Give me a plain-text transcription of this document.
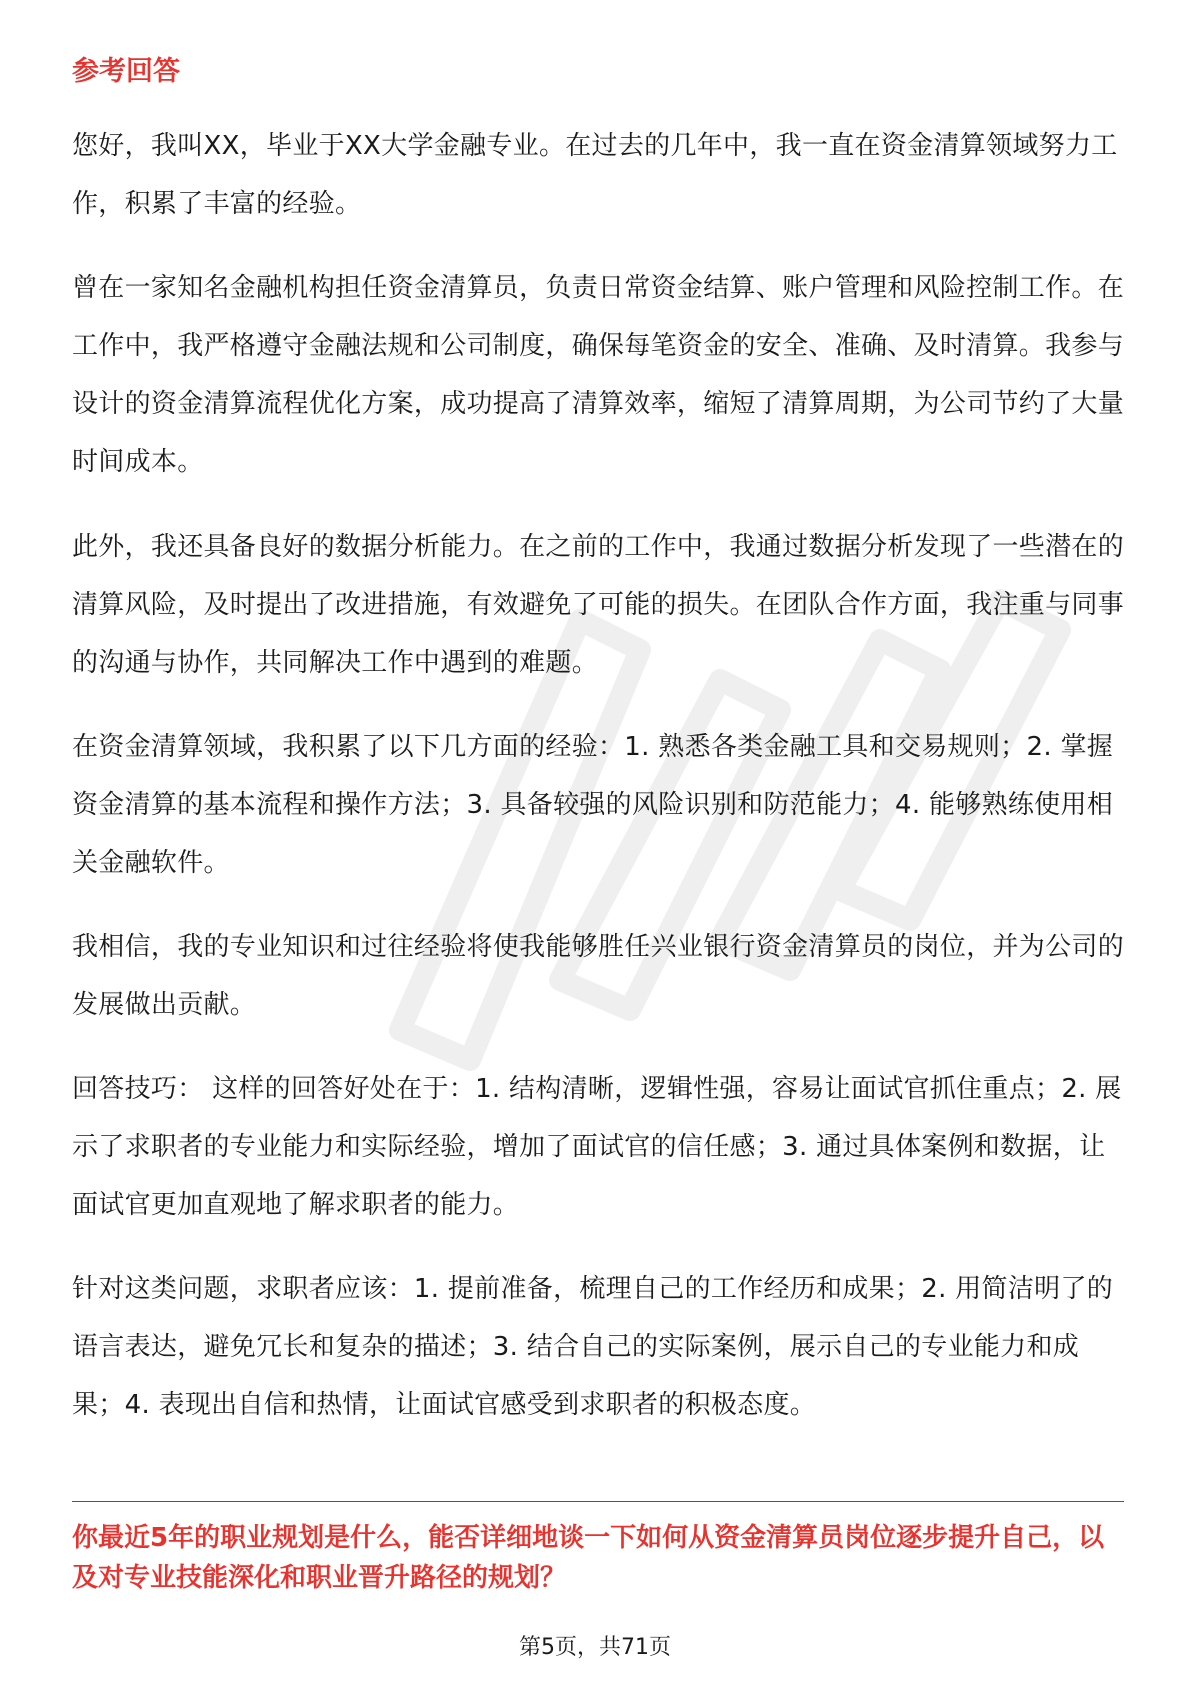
参考回答

您好，我叫XX，毕业于XX大学金融专业。在过去的几年中，我一直在资金清算领域努力工作，积累了丰富的经验。

曾在一家知名金融机构担任资金清算员，负责日常资金结算、账户管理和风险控制工作。在工作中，我严格遵守金融法规和公司制度，确保每笔资金的安全、准确、及时清算。我参与设计的资金清算流程优化方案，成功提高了清算效率，缩短了清算周期，为公司节约了大量时间成本。

此外，我还具备良好的数据分析能力。在之前的工作中，我通过数据分析发现了一些潜在的清算风险，及时提出了改进措施，有效避免了可能的损失。在团队合作方面，我注重与同事的沟通与协作，共同解决工作中遇到的难题。

在资金清算领域，我积累了以下几方面的经验：1. 熟悉各类金融工具和交易规则；2. 掌握资金清算的基本流程和操作方法；3. 具备较强的风险识别和防范能力；4. 能够熟练使用相关金融软件。

我相信，我的专业知识和过往经验将使我能够胜任兴业银行资金清算员的岗位，并为公司的发展做出贡献。

回答技巧： 这样的回答好处在于：1. 结构清晰，逻辑性强，容易让面试官抓住重点；2. 展示了求职者的专业能力和实际经验，增加了面试官的信任感；3. 通过具体案例和数据，让面试官更加直观地了解求职者的能力。

针对这类问题，求职者应该：1. 提前准备，梳理自己的工作经历和成果；2. 用简洁明了的语言表达，避免冗长和复杂的描述；3. 结合自己的实际案例，展示自己的专业能力和成果；4. 表现出自信和热情，让面试官感受到求职者的积极态度。

你最近5年的职业规划是什么，能否详细地谈一下如何从资金清算员岗位逐步提升自己，以及对专业技能深化和职业晋升路径的规划？
第5页，共71页
